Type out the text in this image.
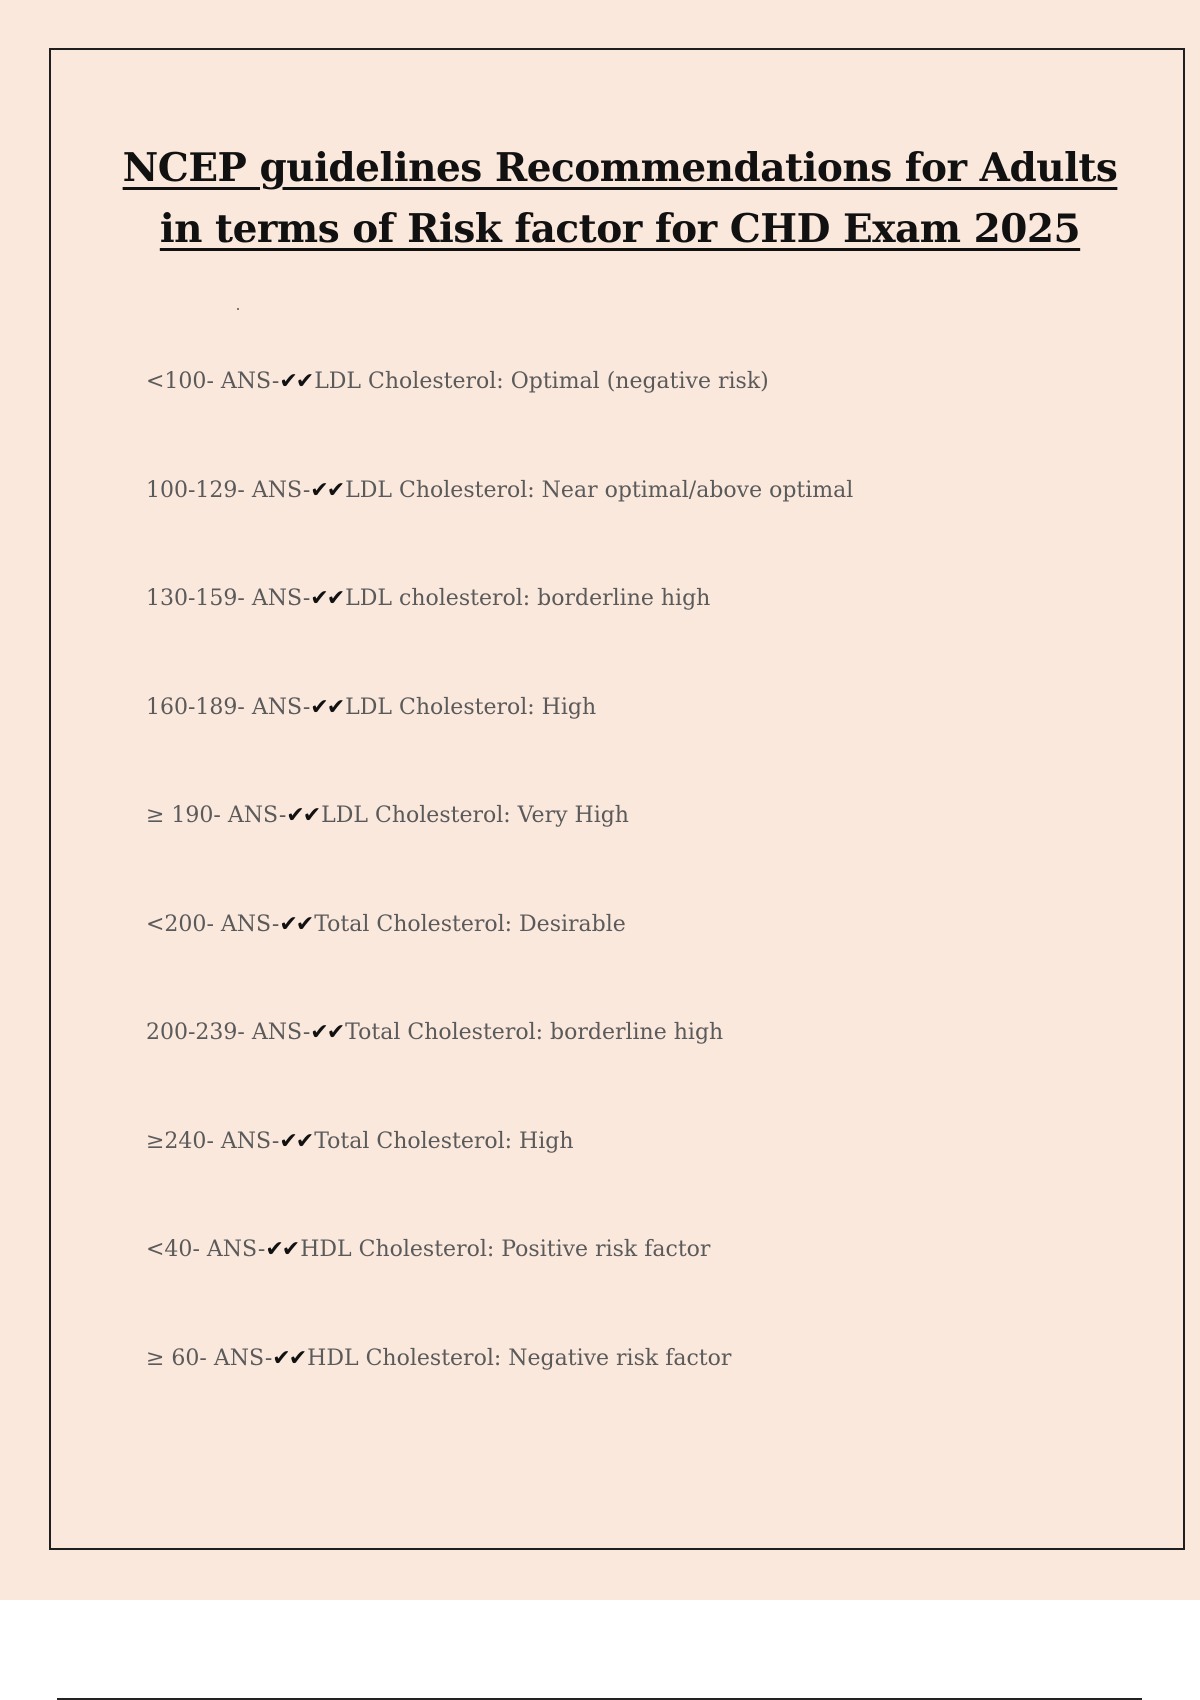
NCEP guidelines Recommendations for Adults
in terms of Risk factor for CHD Exam 2025
<100 - ANS- ✔✔ LDL Cholesterol: Optimal (negative risk)
100-129 - ANS- ✔✔ LDL Cholesterol: Near optimal/above optimal
130-159 - ANS- ✔✔ LDL cholesterol: borderline high
160-189 - ANS- ✔✔ LDL Cholesterol: High
≥ 190 - ANS- ✔✔ LDL Cholesterol: Very High
<200 - ANS- ✔✔ Total Cholesterol: Desirable
200-239 - ANS- ✔✔ Total Cholesterol: borderline high
≥240 - ANS- ✔✔ Total Cholesterol: High
<40 - ANS- ✔✔ HDL Cholesterol: Positive risk factor
≥ 60 - ANS- ✔✔ HDL Cholesterol: Negative risk factor
